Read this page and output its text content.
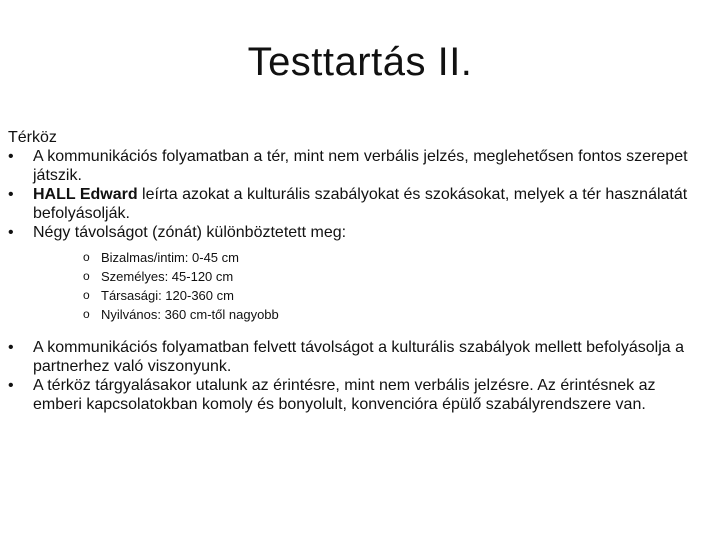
Testtartás II.

Térköz

• A kommunikációs folyamatban a tér, mint nem verbális jelzés, meglehetősen fontos szerepet játszik.
• HALL Edward leírta azokat a kulturális szabályokat és szokásokat, melyek a tér használatát befolyásolják.
• Négy távolságot (zónát) különböztetett meg:
o Bizalmas/intim: 0-45 cm
o Személyes: 45-120 cm
o Társasági: 120-360 cm
o Nyilvános: 360 cm-től nagyobb
• A kommunikációs folyamatban felvett távolságot a kulturális szabályok mellett befolyásolja a partnerhez való viszonyunk.
• A térköz tárgyalásakor utalunk az érintésre, mint nem verbális jelzésre. Az érintésnek az emberi kapcsolatokban komoly és bonyolult, konvencióra épülő szabályrendszere van.
